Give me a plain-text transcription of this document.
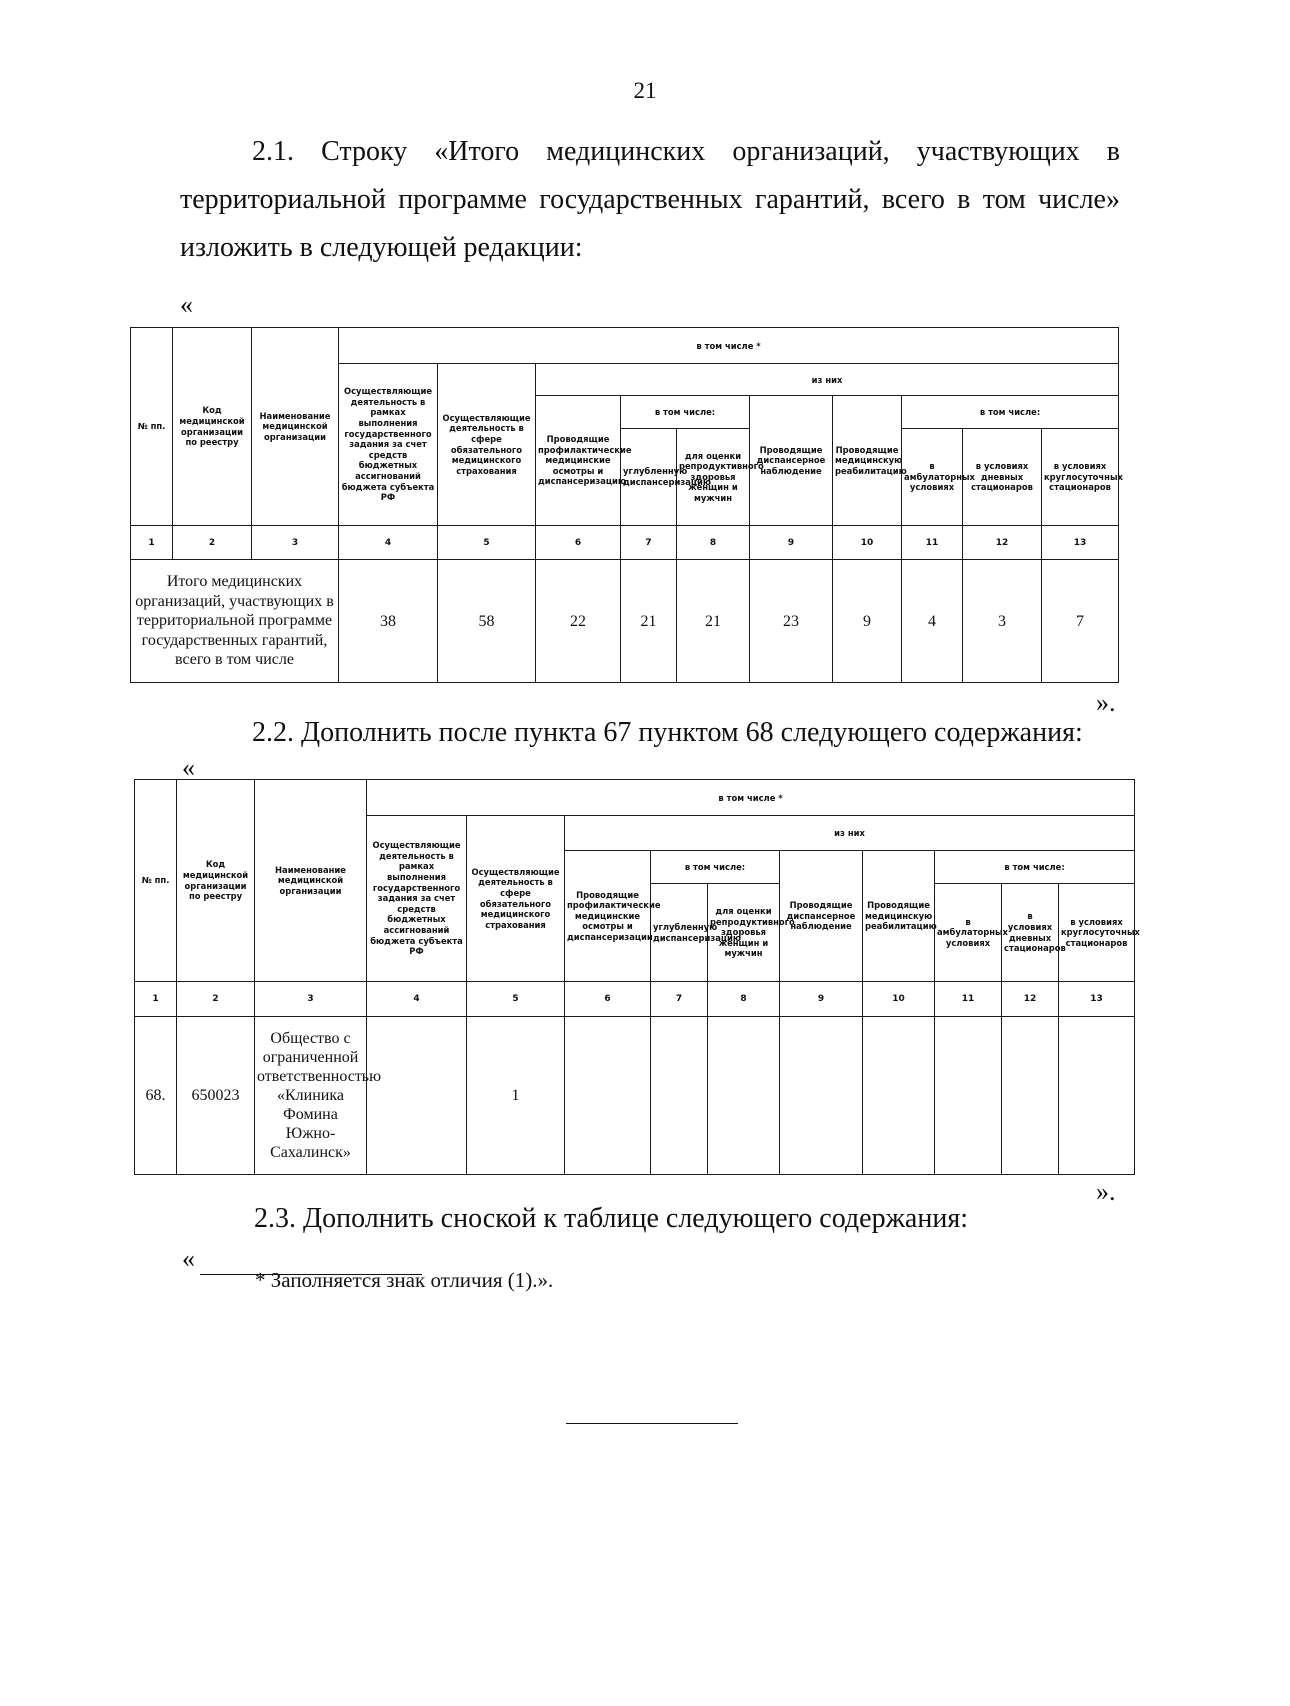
21
2.1. Строку «Итого медицинских организаций, участвующих в территориальной программе государственных гарантий, всего в том числе» изложить в следующей редакции:
«
№ пп.	Код медицинской организации по реестру	Наименование медицинской организации	в том числе *									
			Осуществляющие деятельность в рамках выполнения государственного задания за счет средств бюджетных ассигнований бюджета субъекта РФ	Осуществляющие деятельность в сфере обязательного медицинского страхования	из них							
					Проводящие профилактические медицинские осмотры и диспансеризацию	в том числе:		Проводящие диспансерное наблюдение	Проводящие медицинскую реабилитацию	в том числе:		
						углубленную диспансеризацию	для оценки репродуктивного здоровья женщин и мужчин			в амбулаторных условиях	в условиях дневных стационаров	в условиях круглосуточных стационаров
1	2	3	4	5	6	7	8	9	10	11	12	13
Итого медицинских организаций, участвующих в территориальной программе государственных гарантий, всего в том числе			38	58	22	21	21	23	9	4	3	7
».
2.2. Дополнить после пункта 67 пунктом 68 следующего содержания:
«
№ пп.	Код медицинской организации по реестру	Наименование медицинской организации	в том числе *									
			Осуществляющие деятельность в рамках выполнения государственного задания за счет средств бюджетных ассигнований бюджета субъекта РФ	Осуществляющие деятельность в сфере обязательного медицинского страхования	из них							
					Проводящие профилактические медицинские осмотры и диспансеризации	в том числе:		Проводящие диспансерное наблюдение	Проводящие медицинскую реабилитацию	в том числе:		
						углубленную диспансеризацию	для оценки репродуктивного здоровья женщин и мужчин			в амбулаторных условиях	в условиях дневных стационаров	в условиях круглосуточных стационаров
1	2	3	4	5	6	7	8	9	10	11	12	13
68.	650023	Общество с ограниченной ответственностью «Клиника Фомина Южно-Сахалинск»		1								
».
2.3. Дополнить сноской к таблице следующего содержания:
«
* Заполняется знак отличия (1).».
